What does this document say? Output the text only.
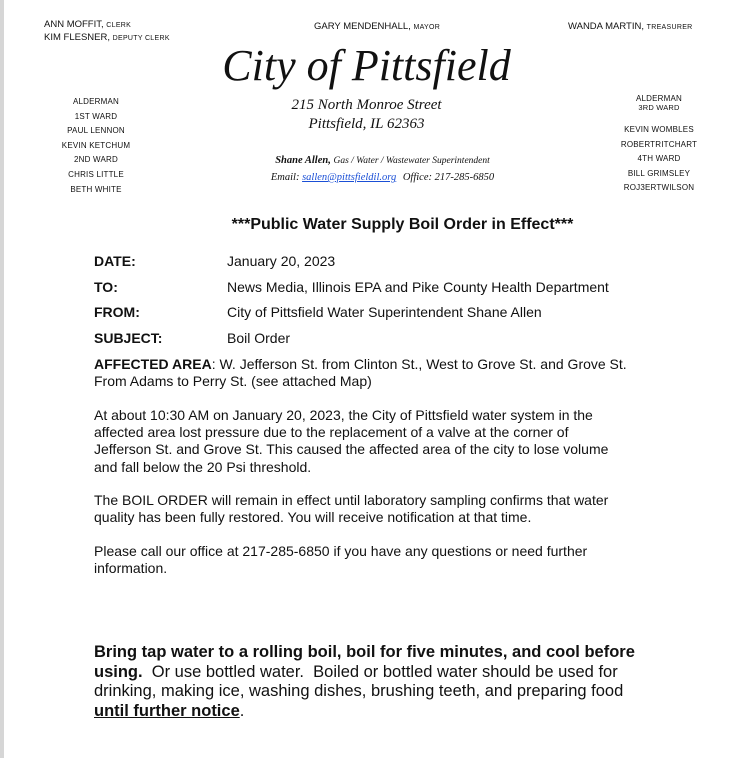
ANN MOFFIT, CLERK
KIM FLESNER, DEPUTY CLERK
GARY MENDENHALL, MAYOR	WANDA MARTIN, TREASURER
City of Pittsfield
215 North Monroe Street
Pittsfield, IL 62363
Shane Allen, Gas / Water / Wastewater Superintendent
Email: sallen@pittsfieldil.org Office: 217-285-6850
ALDERMAN
1ST WARD
PAUL LENNON
KEVIN KETCHUM
2ND WARD
CHRIS LITTLE
BETH WHITE
ALDERMAN
3RD WARD
KEVIN WOMBLES
ROBERTRITCHART
4TH WARD
BILL GRIMSLEY
ROJ3ERTWILSON
***Public Water Supply Boil Order in Effect***
DATE:	January 20, 2023
TO:	News Media, Illinois EPA and Pike County Health Department
FROM:	City of Pittsfield Water Superintendent Shane Allen
SUBJECT:	Boil Order
AFFECTED AREA: W. Jefferson St. from Clinton St., West to Grove St. and Grove St.
From Adams to Perry St. (see attached Map)
At about 10:30 AM on January 20, 2023, the City of Pittsfield water system in the
affected area lost pressure due to the replacement of a valve at the corner of
Jefferson St. and Grove St. This caused the affected area of the city to lose volume
and fall below the 20 Psi threshold.
The BOIL ORDER will remain in effect until laboratory sampling confirms that water
quality has been fully restored. You will receive notification at that time.
Please call our office at 217-285-6850 if you have any questions or need further
information.
Bring tap water to a rolling boil, boil for five minutes, and cool before
using.  Or use bottled water.  Boiled or bottled water should be used for
drinking, making ice, washing dishes, brushing teeth, and preparing food
until further notice.
